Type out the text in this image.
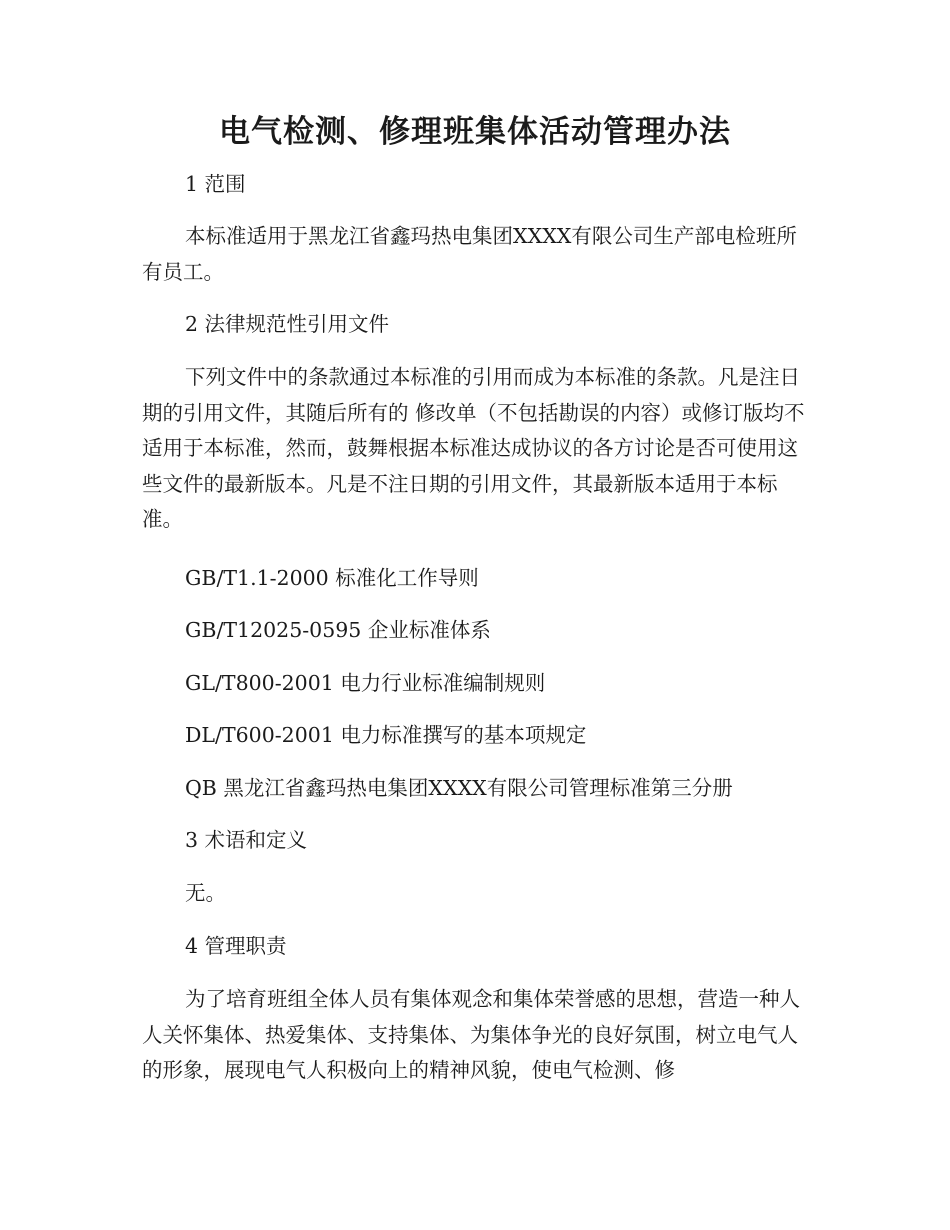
电气检测、修理班集体活动管理办法

1 范围

本标准适用于黑龙江省鑫玛热电集团XXXX有限公司生产部电检班所有员工。

2 法律规范性引用文件

下列文件中的条款通过本标准的引用而成为本标准的条款。凡是注日期的引用文件，其随后所有的 修改单（不包括勘误的内容）或修订版均不适用于本标准，然而，鼓舞根据本标准达成协议的各方讨论是否可使用这些文件的最新版本。凡是不注日期的引用文件，其最新版本适用于本标准。

GB/T1.1-2000 标准化工作导则

GB/T12025-0595 企业标准体系

GL/T800-2001 电力行业标准编制规则

DL/T600-2001 电力标准撰写的基本项规定

QB 黑龙江省鑫玛热电集团XXXX有限公司管理标准第三分册

3 术语和定义

无。

4 管理职责

为了培育班组全体人员有集体观念和集体荣誉感的思想，营造一种人人关怀集体、热爱集体、支持集体、为集体争光的良好氛围，树立电气人的形象，展现电气人积极向上的精神风貌，使电气检测、修
